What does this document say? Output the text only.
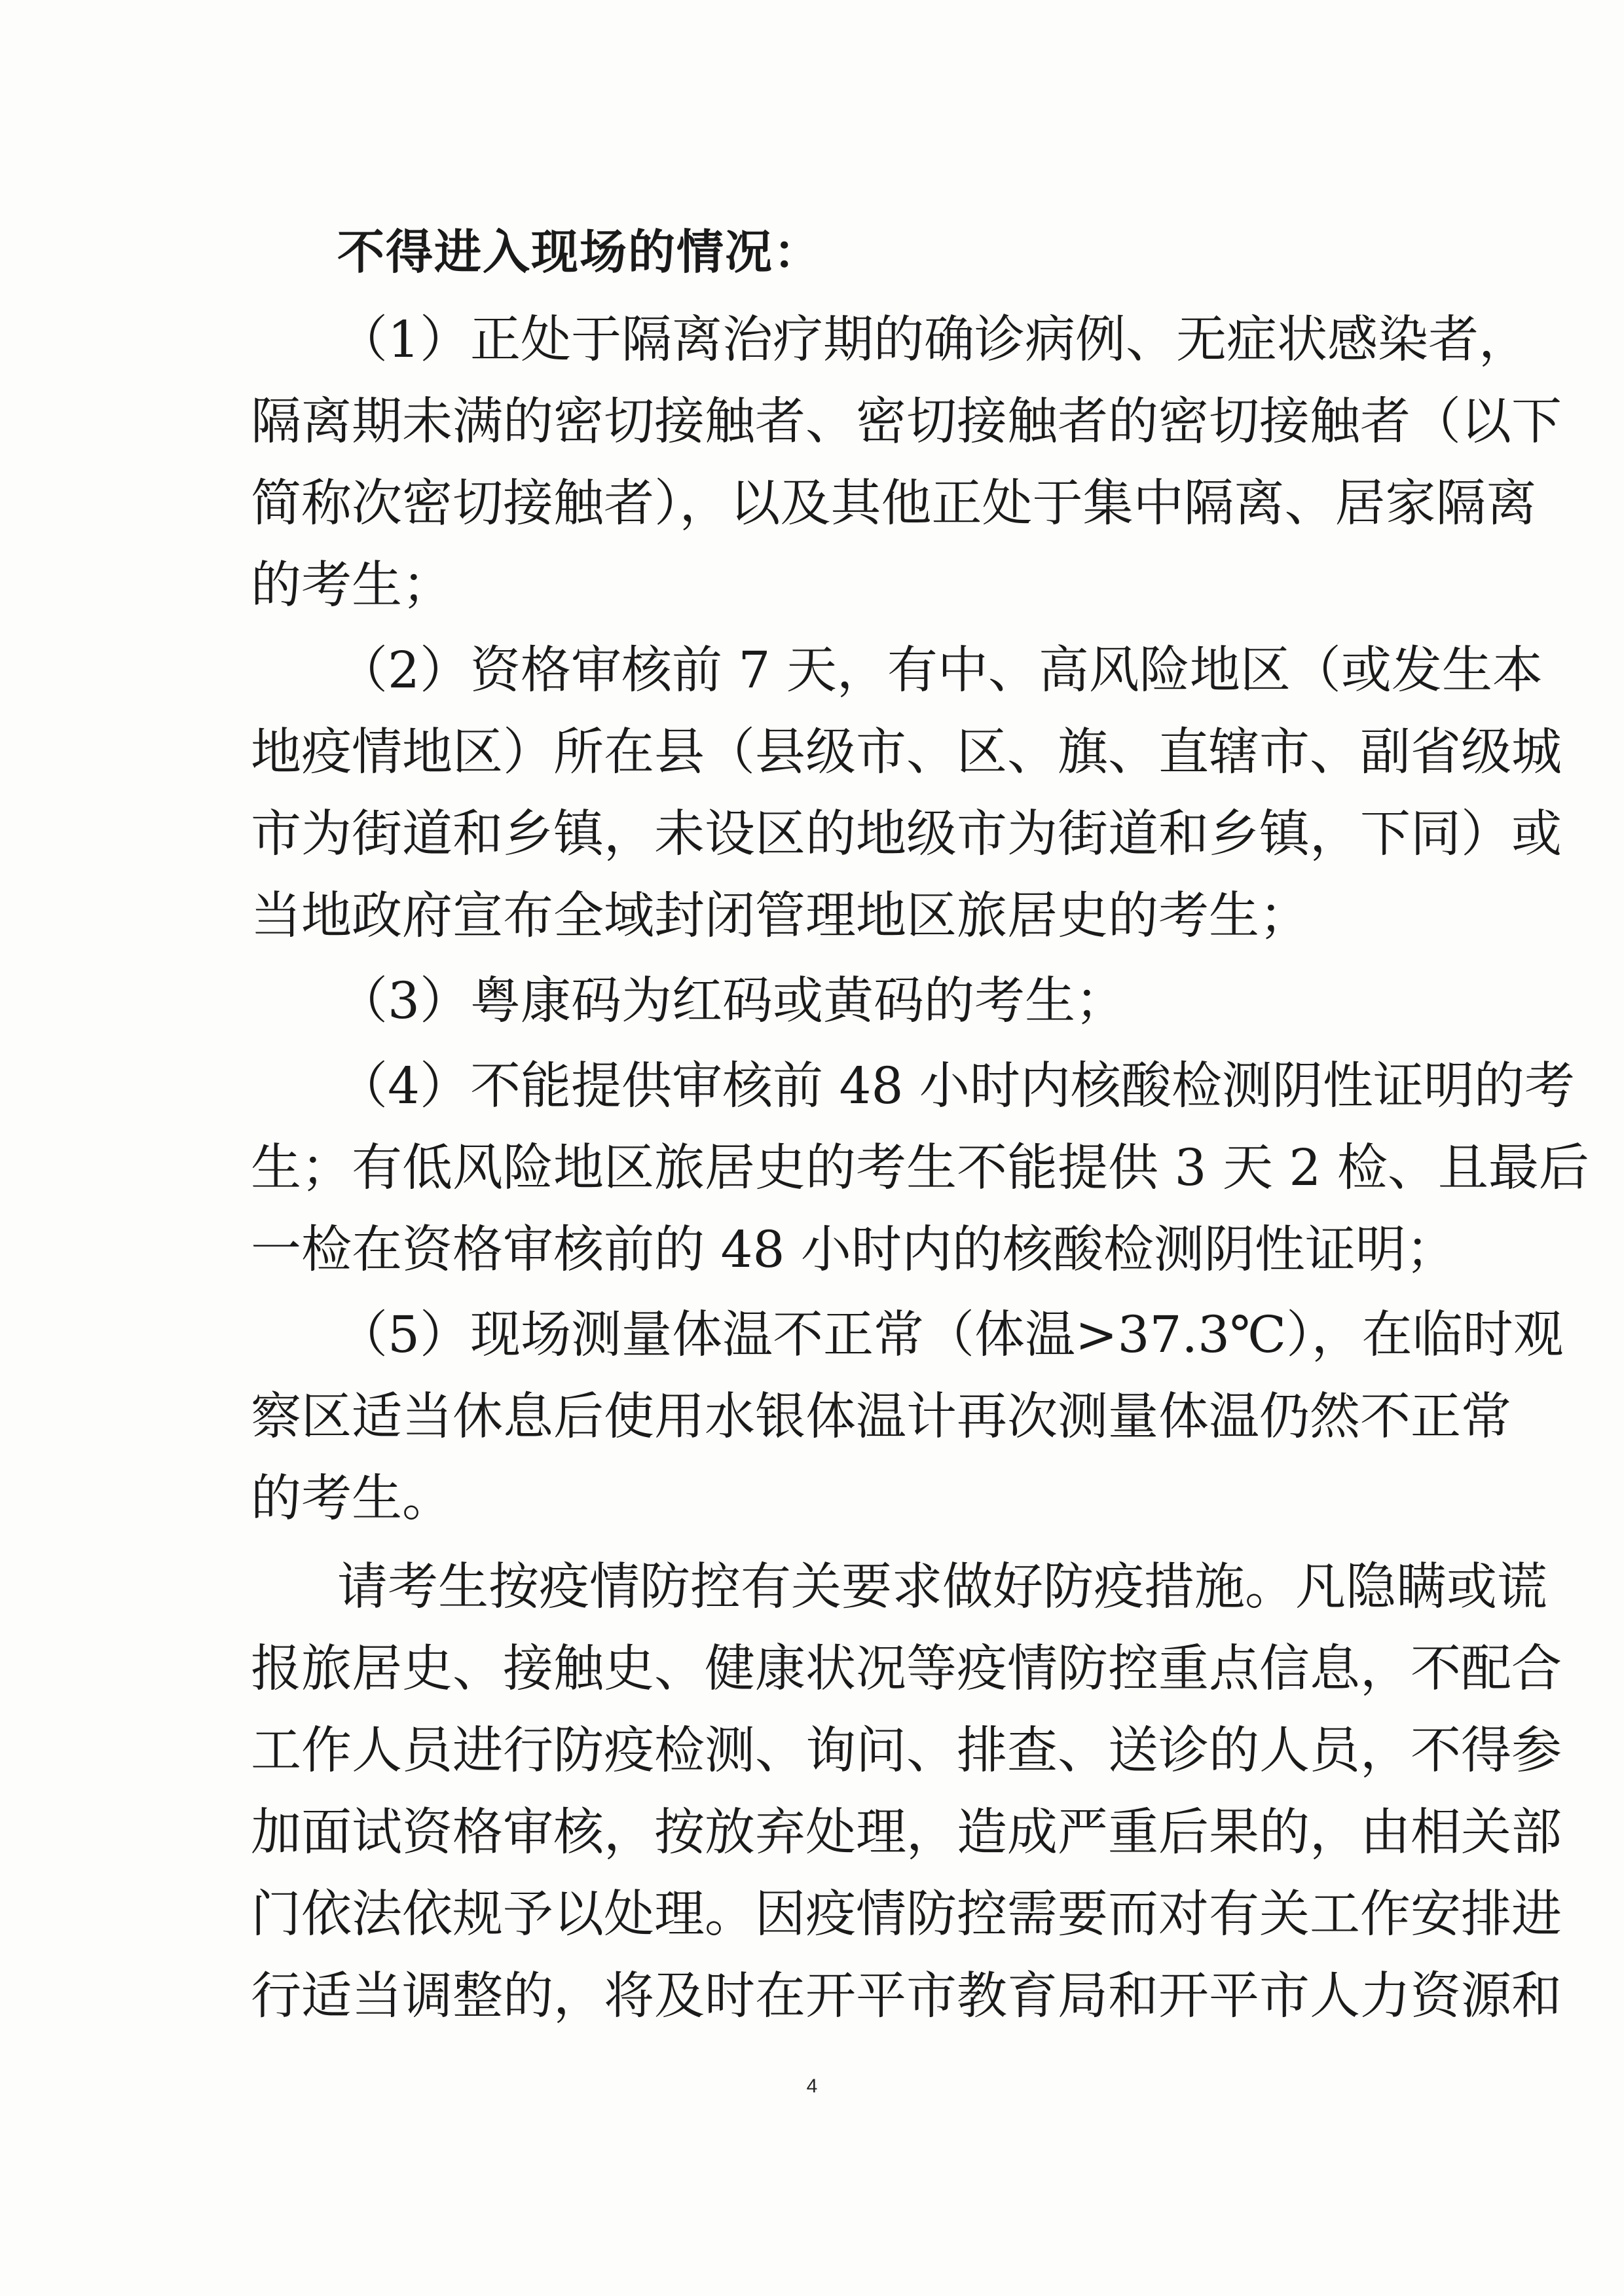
不得进入现场的情况：
（1）正处于隔离治疗期的确诊病例、无症状感染者，
隔离期未满的密切接触者、密切接触者的密切接触者（以下
简称次密切接触者），以及其他正处于集中隔离、居家隔离
的考生；
（2）资格审核前 7 天，有中、高风险地区（或发生本
地疫情地区）所在县（县级市、区、旗、直辖市、副省级城
市为街道和乡镇，未设区的地级市为街道和乡镇，下同）或
当地政府宣布全域封闭管理地区旅居史的考生；
（3）粤康码为红码或黄码的考生；
（4）不能提供审核前 48 小时内核酸检测阴性证明的考
生；有低风险地区旅居史的考生不能提供 3 天 2 检、且最后
一检在资格审核前的 48 小时内的核酸检测阴性证明；
（5）现场测量体温不正常（体温>37.3℃），在临时观
察区适当休息后使用水银体温计再次测量体温仍然不正常
的考生。
请考生按疫情防控有关要求做好防疫措施。凡隐瞒或谎
报旅居史、接触史、健康状况等疫情防控重点信息，不配合
工作人员进行防疫检测、询问、排查、送诊的人员，不得参
加面试资格审核，按放弃处理，造成严重后果的，由相关部
门依法依规予以处理。因疫情防控需要而对有关工作安排进
行适当调整的，将及时在开平市教育局和开平市人力资源和
4
